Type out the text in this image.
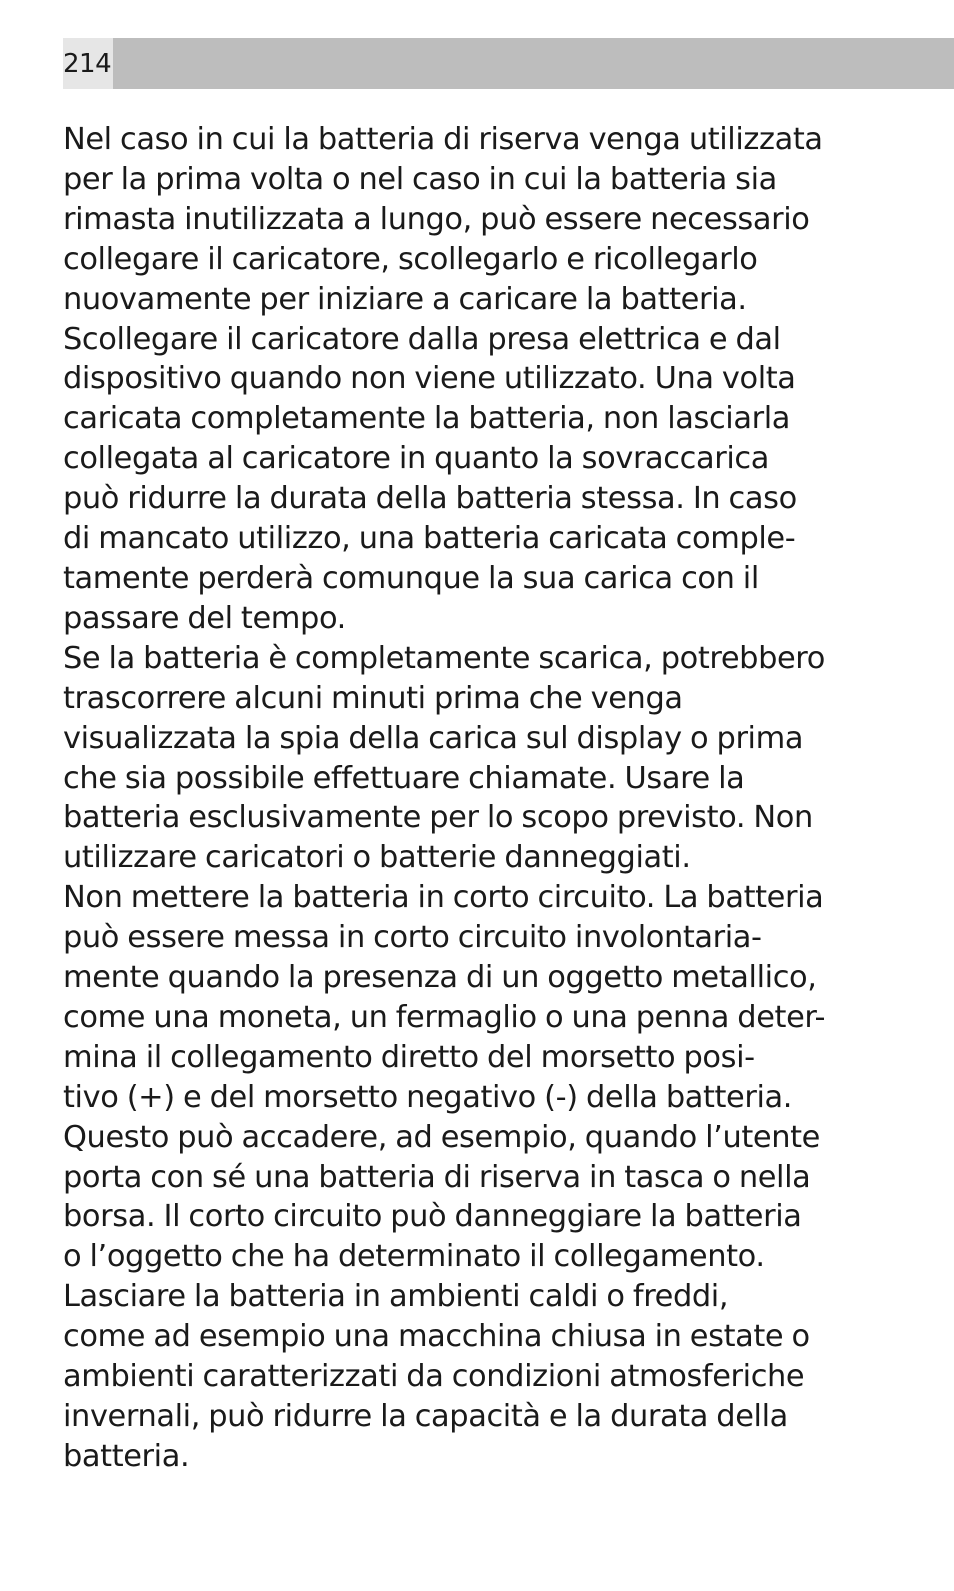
214
Nel caso in cui la batteria di riserva venga utilizzata
per la prima volta o nel caso in cui la batteria sia
rimasta inutilizzata a lungo, può essere necessario
collegare il caricatore, scollegarlo e ricollegarlo
nuovamente per iniziare a caricare la batteria.
Scollegare il caricatore dalla presa elettrica e dal
dispositivo quando non viene utilizzato. Una volta
caricata completamente la batteria, non lasciarla
collegata al caricatore in quanto la sovraccarica
può ridurre la durata della batteria stessa. In caso
di mancato utilizzo, una batteria caricata comple-
tamente perderà comunque la sua carica con il
passare del tempo.
Se la batteria è completamente scarica, potrebbero
trascorrere alcuni minuti prima che venga
visualizzata la spia della carica sul display o prima
che sia possibile effettuare chiamate. Usare la
batteria esclusivamente per lo scopo previsto. Non
utilizzare caricatori o batterie danneggiati.
Non mettere la batteria in corto circuito. La batteria
può essere messa in corto circuito involontaria-
mente quando la presenza di un oggetto metallico,
come una moneta, un fermaglio o una penna deter-
mina il collegamento diretto del morsetto posi-
tivo (+) e del morsetto negativo (-) della batteria.
Questo può accadere, ad esempio, quando l’utente
porta con sé una batteria di riserva in tasca o nella
borsa. Il corto circuito può danneggiare la batteria
o l’oggetto che ha determinato il collegamento.
Lasciare la batteria in ambienti caldi o freddi,
come ad esempio una macchina chiusa in estate o
ambienti caratterizzati da condizioni atmosferiche
invernali, può ridurre la capacità e la durata della
batteria.
